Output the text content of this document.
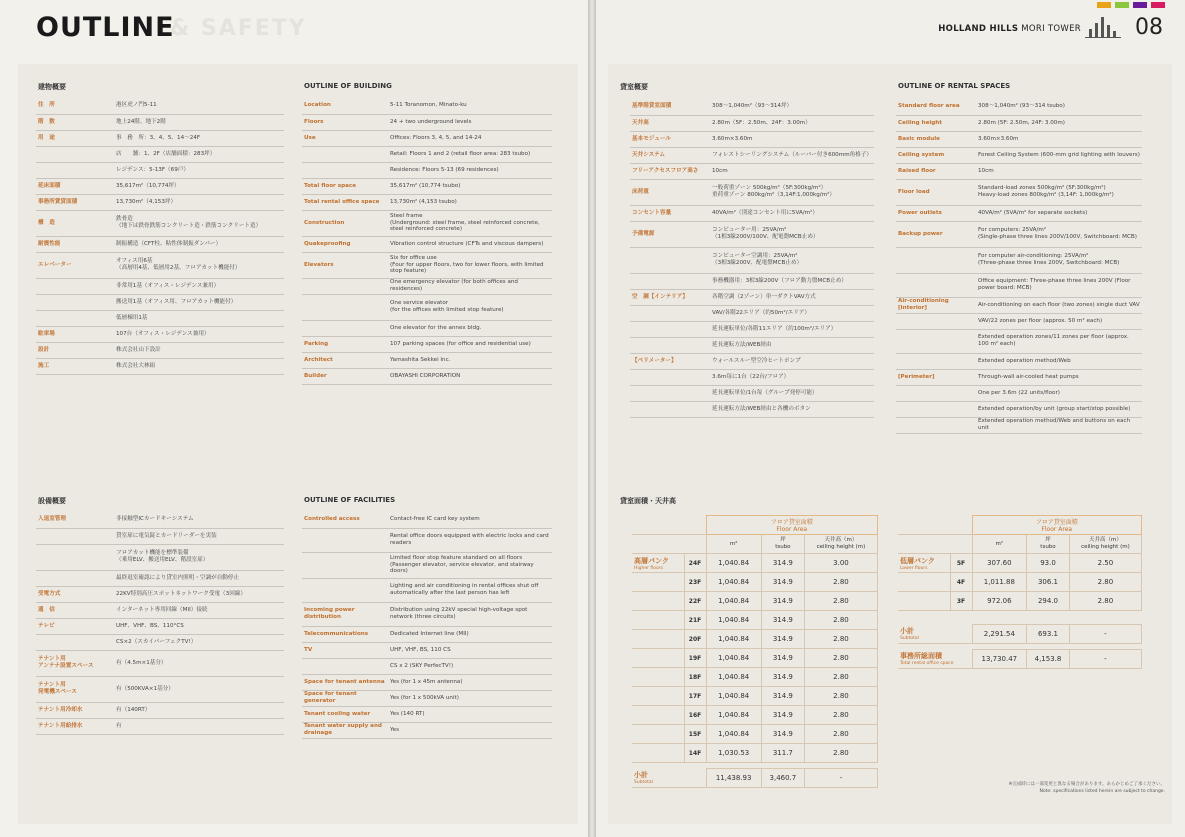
& SAFETY
OUTLINE
建物概要	OUTLINE OF BUILDING
住　所	港区虎ノ門5-11
階　数	地上24階、地下2階
用　途	事　務　所：3、4、5、14〜24F
	店　　舗：1、2F（店舗面積：283坪）
	レジデンス：5-13F（69戸）
延床面積	35,617m²（10,774坪）
事務所賃貸面積	13,730m²（4,153坪）
構　造	鉄骨造
（地下は鉄骨鉄筋コンクリート造・鉄筋コンクリート造）
耐震性能	制振構造（CFT柱、粘性体制振ダンパー）
エレベーター	オフィス用6基
（高層用4基、低層用2基、フロアカット機能付）
	非常用1基（オフィス・レジデンス兼用）
	搬送用1基（オフィス用、フロアカット機能付）
	低層棟用1基
駐車場	107台（オフィス・レジデンス兼用）
設計	株式会社山下設計
施工	株式会社大林組
Location	5-11 Toranomon, Minato-ku
Floors	24 + two underground levels
Use	Offices: Floors 3, 4, 5, and 14-24
	Retail: Floors 1 and 2 (retail floor area: 283 tsubo)
	Residence: Floors 5-13 (69 residences)
Total floor space	35,617m² (10,774 tsubo)
Total rental office space	13,730m² (4,153 tsubo)
Construction	Steel frame
(Underground: steel frame, steel reinforced concrete, steel reinforced concrete)
Quakeproofing	Vibration control structure (CFTs and viscous dampers)
Elevators	Six for office use
(Four for upper floors, two for lower floors, with limited stop feature)
	One emergency elevator (for both offices and residences)
	One service elevator
(for the offices with limited stop feature)
	One elevator for the annex bldg.
Parking	107 parking spaces (for office and residential use)
Architect	Yamashita Sekkei Inc.
Builder	OBAYASHI CORPORATION
設備概要	OUTLINE OF FACILITIES
入退室管理	非接触型ICカードキーシステム
	貸室扉に電気錠とカードリーダーを実装
	フロアカット機能を標準装備
（乗用ELV、搬送用ELV、階段室扉）
	最終退室確認により貸室内照明・空調が自動停止
受電方式	22KV特別高圧スポットネットワーク受電（3回線）
通　信	インターネット専用回線（MII）接続
テレビ	UHF、VHF、BS、110°CS
	CS×2（スカイパーフェクTV!）
テナント用
アンテナ設置スペース	有（4.5m×1基分）
テナント用
発電機スペース	有（500KVA×1基分）
テナント用冷却水	有（140RT）
テナント用給排水	有
Controlled access	Contact-free IC card key system
	Rental office doors equipped with electric locks and card readers
	Limited floor stop feature standard on all floors
(Passenger elevator, service elevator, and stairway doors)
	Lighting and air conditioning in rental offices shut off automatically after the last person has left
Incoming power distribution	Distribution using 22kV special high-voltage spot network (three circuits)
Telecommunications	Dedicated Internet line (MII)
TV	UHF, VHF, BS, 110 CS
	CS x 2 (SKY PerfecTV!)
Space for tenant antenna	Yes (for 1 x 45m antenna)
Space for tenant generator	Yes (for 1 x 500kVA unit)
Tenant cooling water	Yes (140 RT)
Tenant water supply and drainage	Yes
HOLLAND HILLS MORI TOWER 08
貸室概要	OUTLINE OF RENTAL SPACES
基準階貸室面積	308〜1,040m²（93〜314坪）
天井高	2.80m（5F：2.50m、24F：3.00m）
基本モジュール	3.60m×3.60m
天井システム	フォレストシーリングシステム（ルーバー付き600mm角格子）
フリーアクセスフロア高さ	10cm
床荷重	一般荷重ゾーン 500kg/m²（5F:300kg/m²）
重荷重ゾーン 800kg/m²（3,14F:1,000kg/m²）
コンセント容量	40VA/m²（別途コンセント用に5VA/m²）
予備電源	コンピューター用：25VA/m²
（1相3線200V/100V、配電盤MCB止め）
	コンピューター空調用：25VA/m²
（3相3線200V、配電盤MCB止め）
	事務機器用：3相3線200V（フロア動力盤MCB止め）
空　調【インテリア】	各階空調（2ゾーン）単一ダクトVAV方式
	VAV/各階22エリア（約50m²/エリア）
	延長運転単位/各階11エリア（約100m²/エリア）
	延長運転方法/WEB経由
【ペリメーター】	ウォールスルー型空冷ヒートポンプ
	3.6m毎に1台（22台/フロア）
	延長運転単位/1台毎（グループ発停可能）
	延長運転方法/WEB経由と各機のボタン
Standard floor area	308〜1,040m² (93〜314 tsubo)
Ceiling height	2.80m (5F: 2.50m, 24F: 3.00m)
Basic module	3.60m×3.60m
Ceiling system	Forest Ceiling System (600-mm grid lighting with louvers)
Raised floor	10cm
Floor load	Standard-load zones 500kg/m² (5F:300kg/m²)
Heavy-load zones 800kg/m² (3,14F: 1,000kg/m²)
Power outlets	40VA/m² (5VA/m² for separate sockets)
Backup power	For computers: 25VA/m²
(Single-phase three lines 200V/100V, Switchboard: MCB)
	For computer air-conditioning: 25VA/m²
(Three-phase three lines 200V, Switchboard: MCB)
	Office equipment: Three-phase three lines 200V (Floor power board: MCB)
Air-conditioning [Interior]	Air-conditioning on each floor (two zones) single duct VAV
	VAV/22 zones per floor (approx. 50 m² each)
	Extended operation zones/11 zones per floor (approx. 100 m² each)
	Extended operation method/Web
[Perimeter]	Through-wall air-cooled heat pumps
	One per 3.6m (22 units/floor)
	Extended operation/by unit (group start/stop possible)
	Extended operation method/Web and buttons on each unit
貸室面積・天井高
		フロア貸室面積
Floor Area		
		m²	坪
tsubo	天井高（m）
ceiling height (m)
高層バンク
Higher floors	24F	1,040.84	314.9	3.00
	23F	1,040.84	314.9	2.80
	22F	1,040.84	314.9	2.80
	21F	1,040.84	314.9	2.80
	20F	1,040.84	314.9	2.80
	19F	1,040.84	314.9	2.80
	18F	1,040.84	314.9	2.80
	17F	1,040.84	314.9	2.80
	16F	1,040.84	314.9	2.80
	15F	1,040.84	314.9	2.80
	14F	1,030.53	311.7	2.80

小計
Subtotal		11,438.93	3,460.7	-
		フロア貸室面積
Floor Area		
		m²	坪
tsubo	天井高（m）
ceiling height (m)
低層バンク
Lower floors	5F	307.60	93.0	2.50
	4F	1,011.88	306.1	2.80
	3F	972.06	294.0	2.80

小計
Subtotal		2,291.54	693.1	-

事務所総面積
Total rental office space		13,730.47	4,153.8	-
※完成時には一部変更と異なる場合があります。あらかじめご了承ください。
Note: specifications listed herein are subject to change.
